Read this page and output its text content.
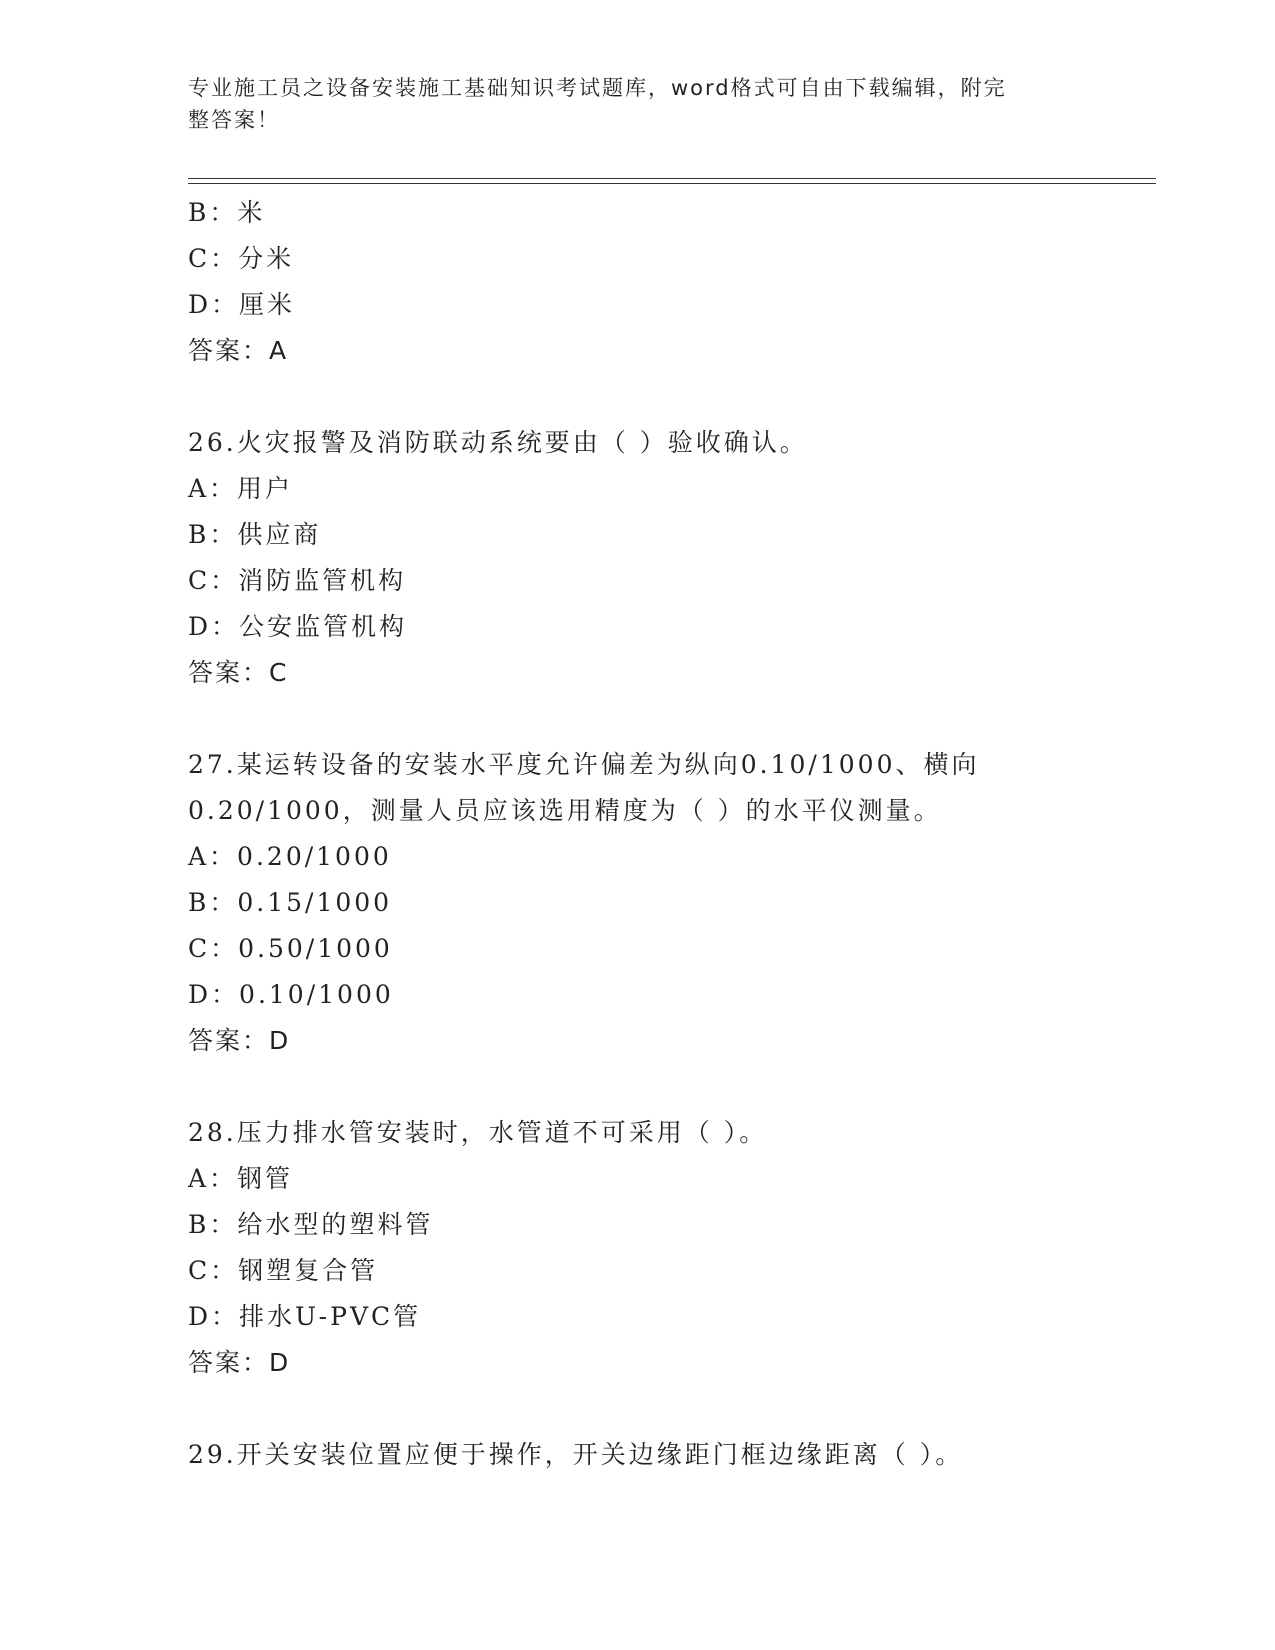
专业施工员之设备安装施工基础知识考试题库，word格式可自由下载编辑，附完
整答案！
B：米
C：分米
D：厘米
答案：A
26.火灾报警及消防联动系统要由（ ）验收确认。
A：用户
B：供应商
C：消防监管机构
D：公安监管机构
答案：C
27.某运转设备的安装水平度允许偏差为纵向0.10/1000、横向
0.20/1000，测量人员应该选用精度为（ ）的水平仪测量。
A：0.20/1000
B：0.15/1000
C：0.50/1000
D：0.10/1000
答案：D
28.压力排水管安装时，水管道不可采用（ ）。
A：钢管
B：给水型的塑料管
C：钢塑复合管
D：排水U-PVC管
答案：D
29.开关安装位置应便于操作，开关边缘距门框边缘距离（ ）。
